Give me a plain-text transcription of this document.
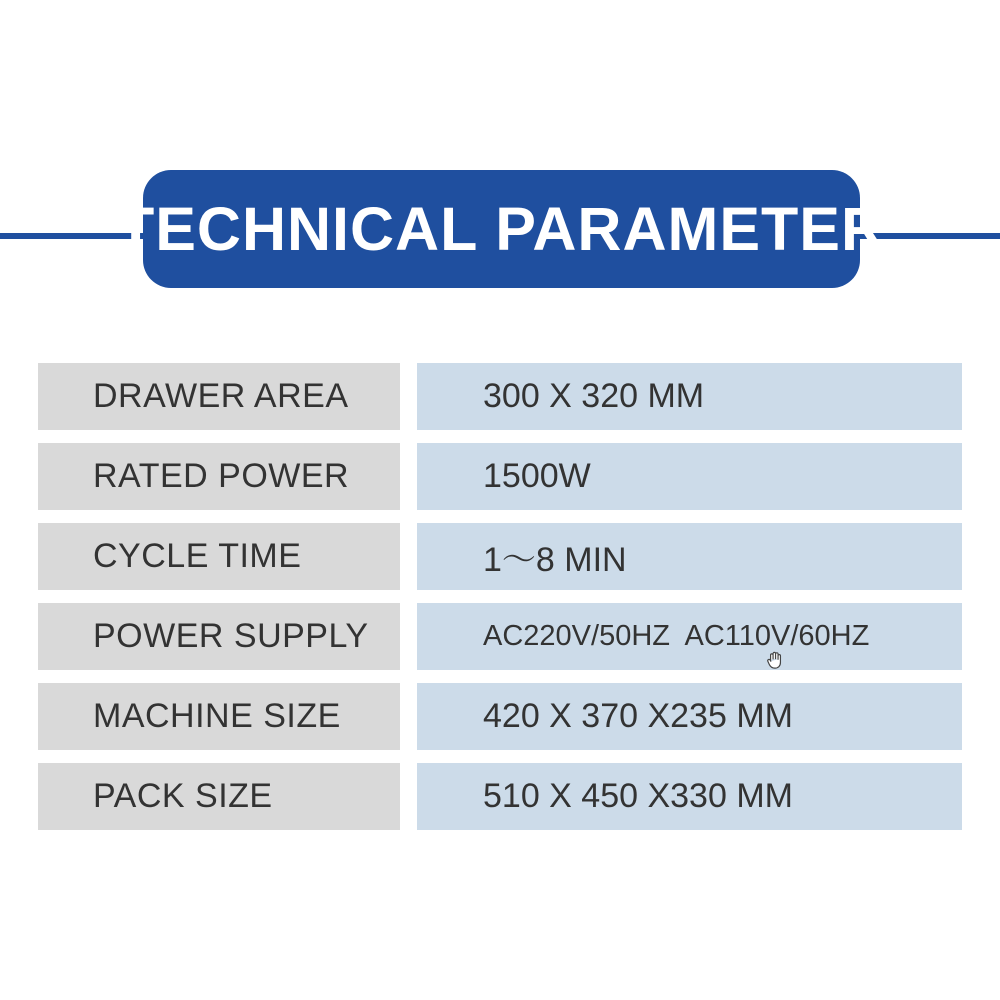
TECHNICAL PARAMETER
DRAWER AREA	300 X 320 MM
RATED POWER	1500W
CYCLE TIME	1〜8 MIN
POWER SUPPLY	AC220V/50HZ  AC110V/60HZ
MACHINE SIZE	420 X 370 X235 MM
PACK SIZE	510 X 450 X330 MM
